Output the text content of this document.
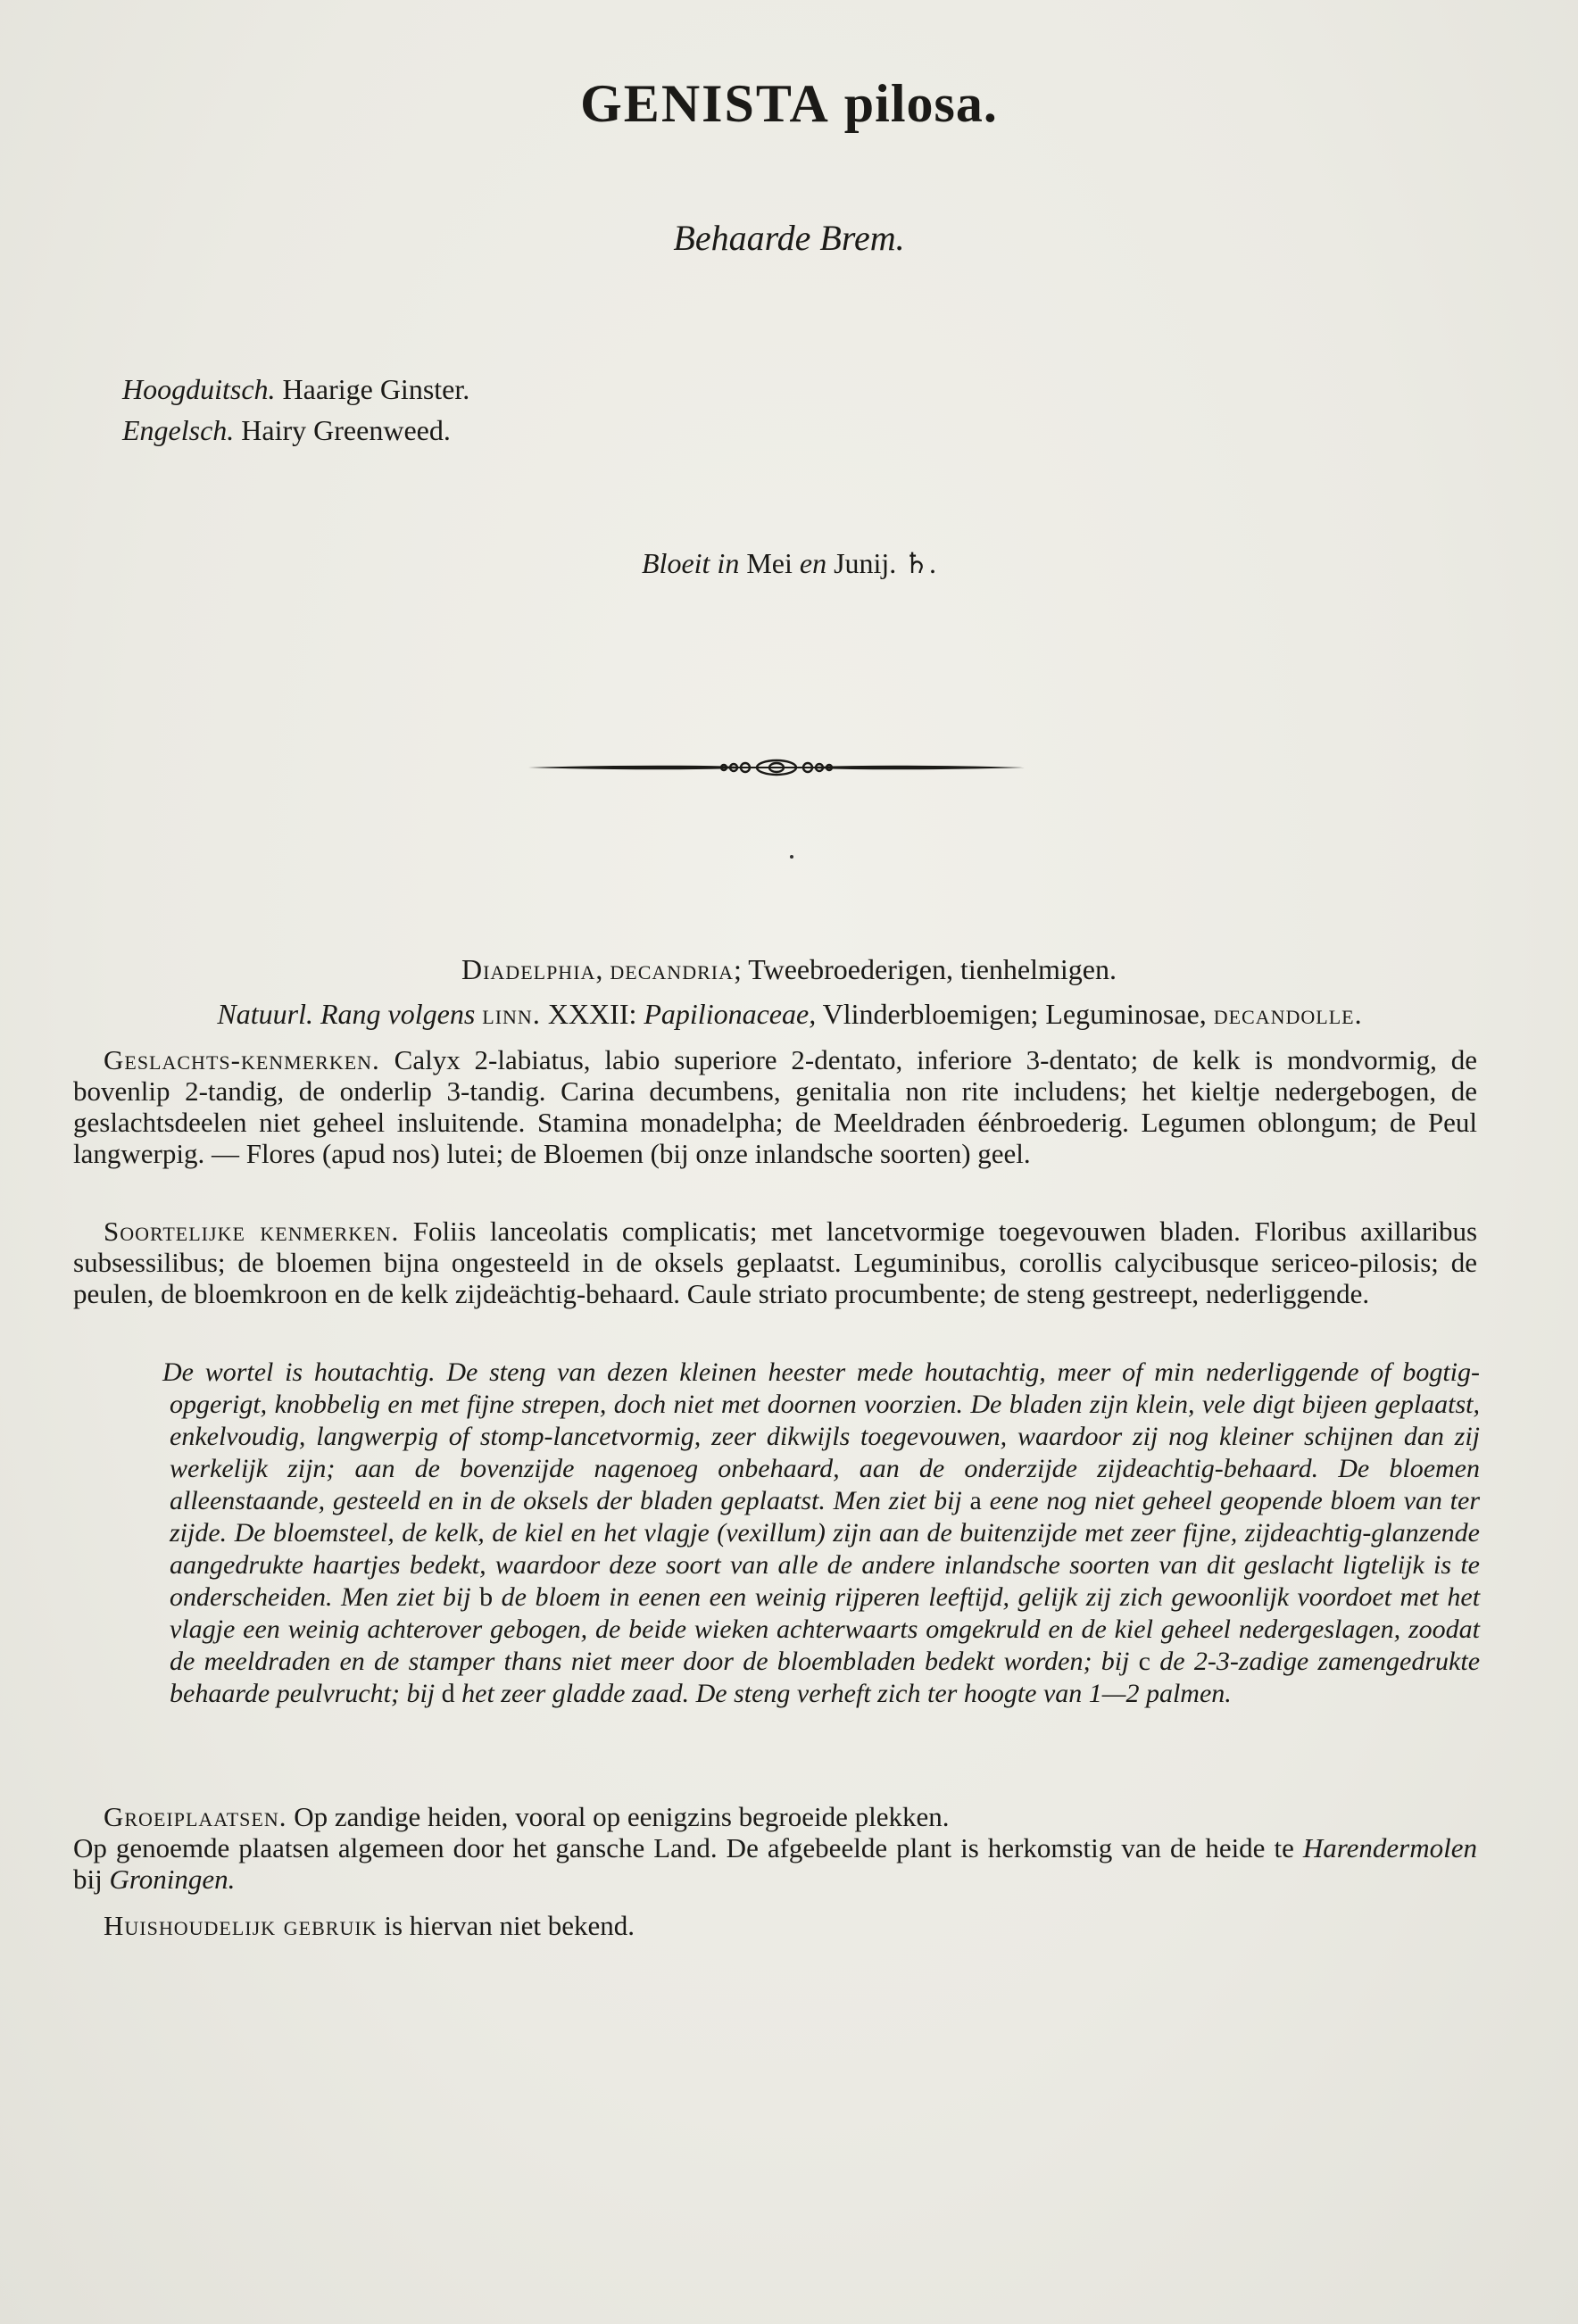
GENISTA pilosa.
Behaarde Brem.
Hoogduitsch. Haarige Ginster.
Engelsch. Hairy Greenweed.
Bloeit in Mei en Junij. ♄.
Diadelphia, decandria; Tweebroederigen, tienhelmigen.
Natuurl. Rang volgens linn. XXXII: Papilionaceae, Vlinderbloemigen; Leguminosae, decandolle.

Geslachts-kenmerken. Calyx 2-labiatus, labio superiore 2-dentato, inferiore 3-dentato; de kelk is mondvormig, de bovenlip 2-tandig, de onderlip 3-tandig. Carina decumbens, genitalia non rite includens; het kieltje nedergebogen, de geslachtsdeelen niet geheel insluitende. Stamina monadelpha; de Meeldraden éénbroederig. Legumen oblongum; de Peul langwerpig. — Flores (apud nos) lutei; de Bloemen (bij onze inlandsche soorten) geel.

Soortelijke kenmerken. Foliis lanceolatis complicatis; met lancetvormige toegevouwen bladen. Floribus axillaribus subsessilibus; de bloemen bijna ongesteeld in de oksels geplaatst. Leguminibus, corollis calycibusque sericeo-pilosis; de peulen, de bloemkroon en de kelk zijdeächtig-behaard. Caule striato procumbente; de steng gestreept, nederliggende.

De wortel is houtachtig. De steng van dezen kleinen heester mede houtachtig, meer of min nederliggende of bogtig-opgerigt, knobbelig en met fijne strepen, doch niet met doornen voorzien. De bladen zijn klein, vele digt bijeen geplaatst, enkelvoudig, langwerpig of stomp-lancetvormig, zeer dikwijls toegevouwen, waardoor zij nog kleiner schijnen dan zij werkelijk zijn; aan de bovenzijde nagenoeg onbehaard, aan de onderzijde zijdeachtig-behaard. De bloemen alleenstaande, gesteeld en in de oksels der bladen geplaatst. Men ziet bij a eene nog niet geheel geopende bloem van ter zijde. De bloemsteel, de kelk, de kiel en het vlagje (vexillum) zijn aan de buitenzijde met zeer fijne, zijdeachtig-glanzende aangedrukte haartjes bedekt, waardoor deze soort van alle de andere inlandsche soorten van dit geslacht ligtelijk is te onderscheiden. Men ziet bij b de bloem in eenen een weinig rijperen leeftijd, gelijk zij zich gewoonlijk voordoet met het vlagje een weinig achterover gebogen, de beide wieken achterwaarts omgekruld en de kiel geheel nedergeslagen, zoodat de meeldraden en de stamper thans niet meer door de bloembladen bedekt worden; bij c de 2-3-zadige zamengedrukte behaarde peulvrucht; bij d het zeer gladde zaad. De steng verheft zich ter hoogte van 1—2 palmen.

Groeiplaatsen. Op zandige heiden, vooral op eenigzins begroeide plekken.

Op genoemde plaatsen algemeen door het gansche Land. De afgebeelde plant is herkomstig van de heide te Harendermolen bij Groningen.

Huishoudelijk gebruik is hiervan niet bekend.
